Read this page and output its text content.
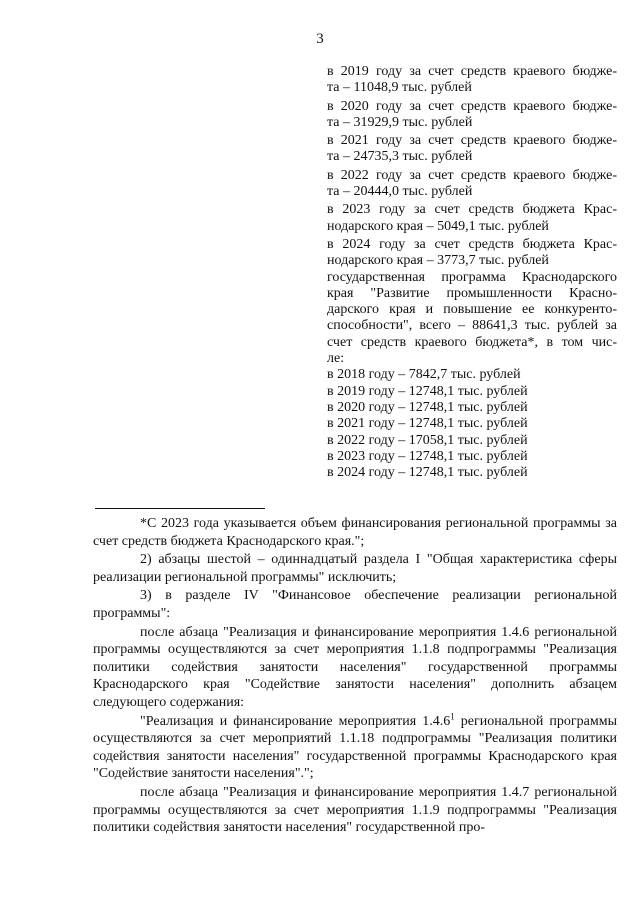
3
в 2019 году за счет средств краевого бюдже-
та – 11048,9 тыс. рублей
в 2020 году за счет средств краевого бюдже-
та – 31929,9 тыс. рублей
в 2021 году за счет средств краевого бюдже-
та – 24735,3 тыс. рублей
в 2022 году за счет средств краевого бюдже-
та – 20444,0 тыс. рублей
в 2023 году за счет средств бюджета Крас-
нодарского края – 5049,1 тыс. рублей
в 2024 году за счет средств бюджета Крас-
нодарского края – 3773,7 тыс. рублей
государственная программа Краснодарского
края "Развитие промышленности Красно-
дарского края и повышение ее конкуренто-
способности", всего – 88641,3 тыс. рублей за
счет средств краевого бюджета*, в том чис-
ле:
в 2018 году – 7842,7 тыс. рублей
в 2019 году – 12748,1 тыс. рублей
в 2020 году – 12748,1 тыс. рублей
в 2021 году – 12748,1 тыс. рублей
в 2022 году – 17058,1 тыс. рублей
в 2023 году – 12748,1 тыс. рублей
в 2024 году – 12748,1 тыс. рублей

*С 2023 года указывается объем финансирования региональной программы за счет средств бюджета Краснодарского края.";

2) абзацы шестой – одиннадцатый раздела I "Общая характеристика сферы реализации региональной программы" исключить;

3) в разделе IV "Финансовое обеспечение реализации региональной программы":

после абзаца "Реализация и финансирование мероприятия 1.4.6 региональной программы осуществляются за счет мероприятия 1.1.8 подпрограммы "Реализация политики содействия занятости населения" государственной программы Краснодарского края "Содействие занятости населения" дополнить абзацем следующего содержания:

"Реализация и финансирование мероприятия 1.4.6$^1$ региональной программы осуществляются за счет мероприятий 1.1.18 подпрограммы "Реализация политики содействия занятости населения" государственной программы Краснодарского края "Содействие занятости населения".";

после абзаца "Реализация и финансирование мероприятия 1.4.7 региональной программы осуществляются за счет мероприятия 1.1.9 подпрограммы "Реализация политики содействия занятости населения" государственной про-
